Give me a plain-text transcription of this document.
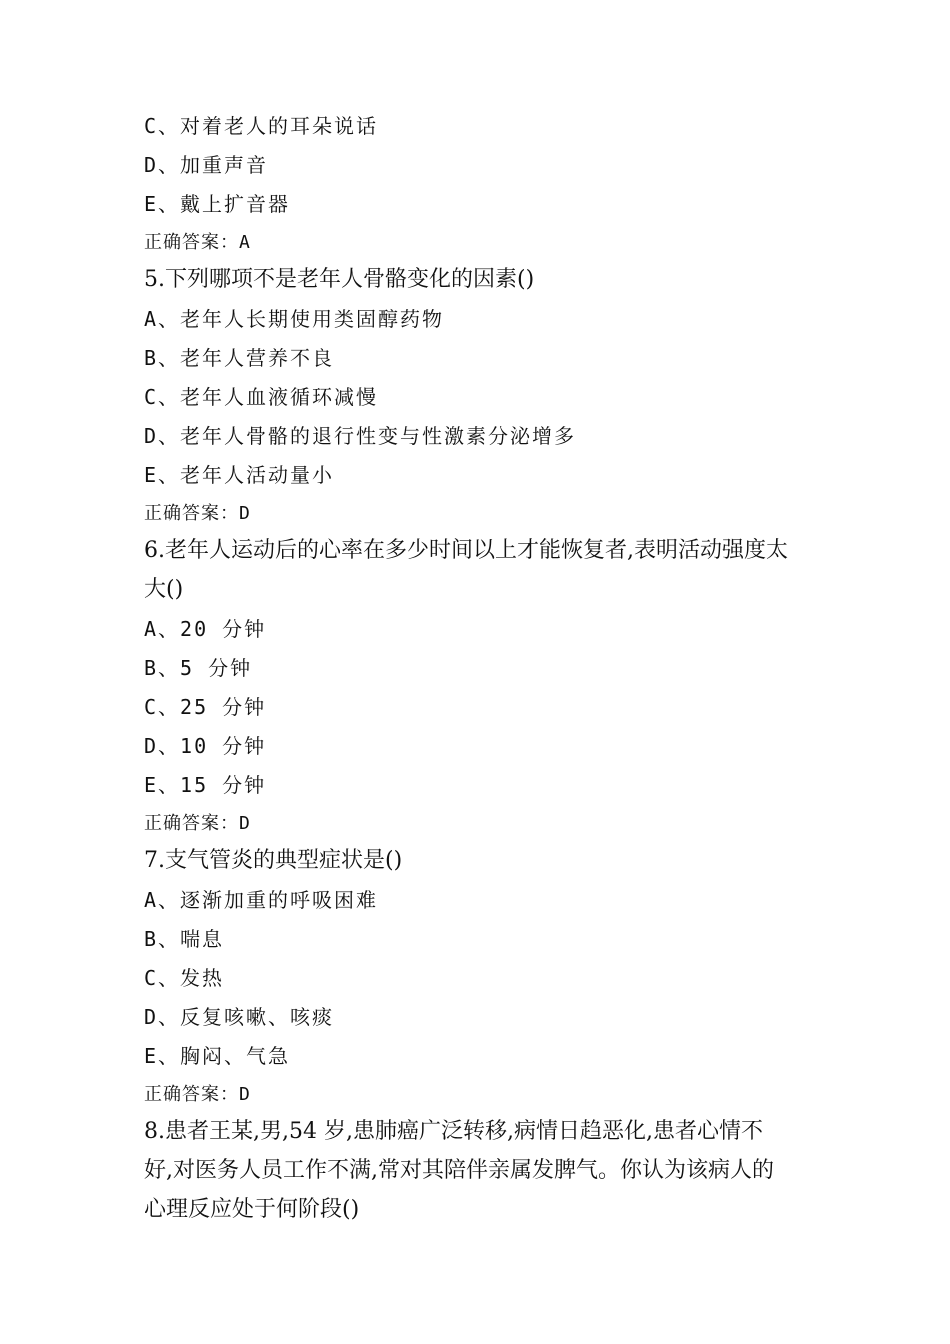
C、对着老人的耳朵说话
D、加重声音
E、戴上扩音器
正确答案：A
5.下列哪项不是老年人骨骼变化的因素()
A、老年人长期使用类固醇药物
B、老年人营养不良
C、老年人血液循环减慢
D、老年人骨骼的退行性变与性激素分泌增多
E、老年人活动量小
正确答案：D
6.老年人运动后的心率在多少时间以上才能恢复者,表明活动强度太
大()
A、20 分钟
B、5 分钟
C、25 分钟
D、10 分钟
E、15 分钟
正确答案：D
7.支气管炎的典型症状是()
A、逐渐加重的呼吸困难
B、喘息
C、发热
D、反复咳嗽、咳痰
E、胸闷、气急
正确答案：D
8.患者王某,男,54 岁,患肺癌广泛转移,病情日趋恶化,患者心情不
好,对医务人员工作不满,常对其陪伴亲属发脾气。你认为该病人的
心理反应处于何阶段()
